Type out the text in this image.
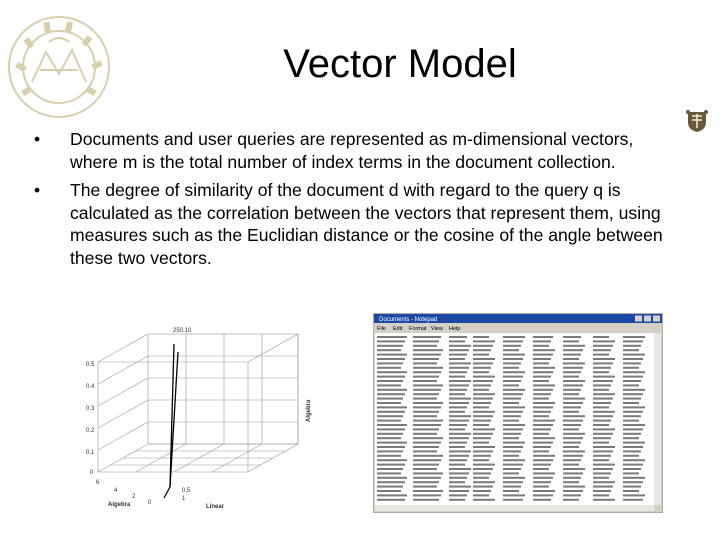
Vector Model
•	Documents and user queries are represented as m-dimensional vectors, where m is the total number of index terms in the document collection.
•	The degree of similarity of the document d with regard to the query q is calculated as the correlation between the vectors that represent them, using measures such as the Euclidian distance or the cosine of the angle between these two vectors.
250.10
0.5
0.4
0.3
0.2
0.1
0
6
4
2
0
0.5
1
Algebra	Linear
Algebra
Documents - Notepad
File Edit Format View Help
